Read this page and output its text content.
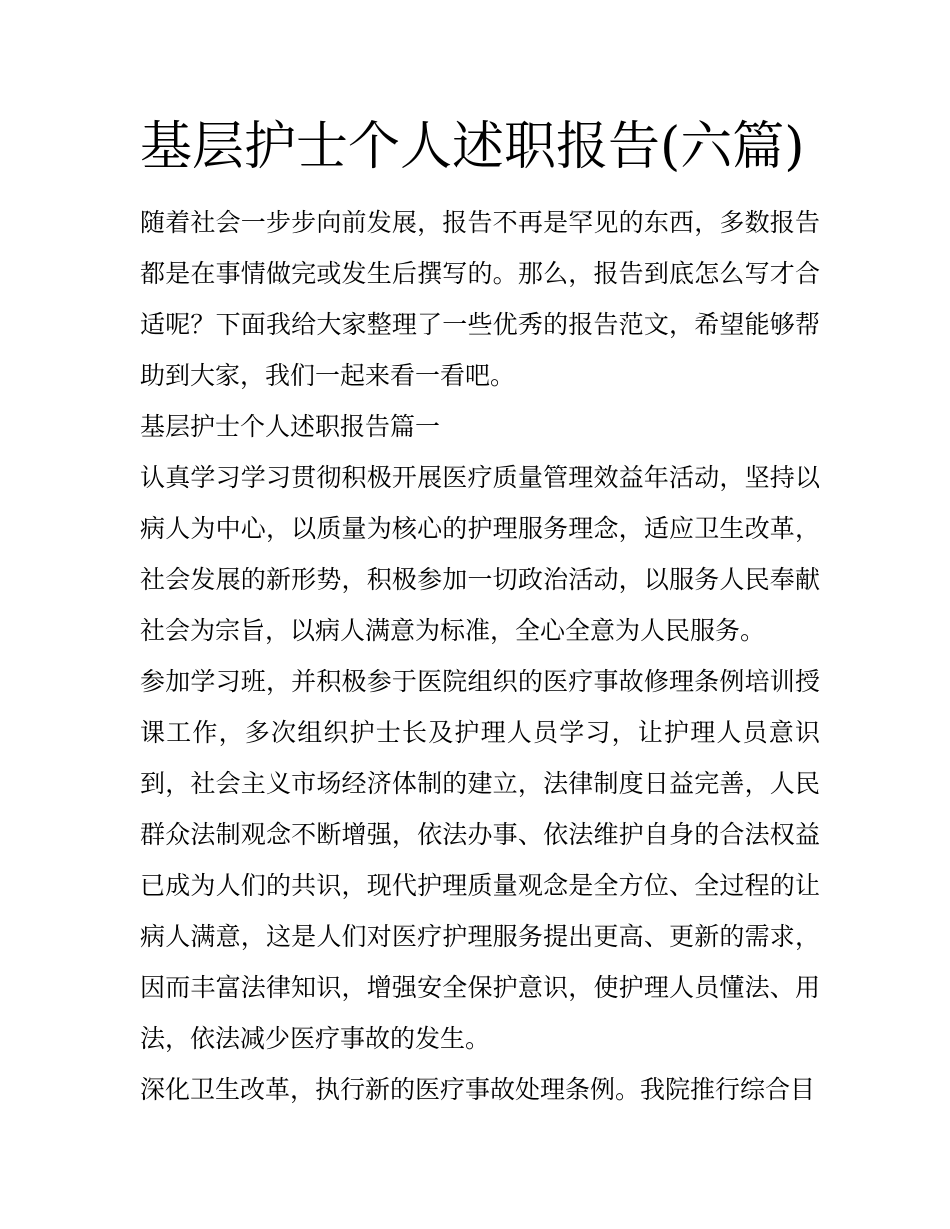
基层护士个人述职报告(六篇)

随着社会一步步向前发展，报告不再是罕见的东西，多数报告都是在事情做完或发生后撰写的。那么，报告到底怎么写才合适呢？下面我给大家整理了一些优秀的报告范文，希望能够帮助到大家，我们一起来看一看吧。

基层护士个人述职报告篇一

认真学习学习贯彻积极开展医疗质量管理效益年活动，坚持以病人为中心，以质量为核心的护理服务理念，适应卫生改革，社会发展的新形势，积极参加一切政治活动，以服务人民奉献社会为宗旨，以病人满意为标准，全心全意为人民服务。

参加学习班，并积极参于医院组织的医疗事故修理条例培训授课工作，多次组织护士长及护理人员学习，让护理人员意识到，社会主义市场经济体制的建立，法律制度日益完善，人民群众法制观念不断增强，依法办事、依法维护自身的合法权益已成为人们的共识，现代护理质量观念是全方位、全过程的让病人满意，这是人们对医疗护理服务提出更高、更新的需求，因而丰富法律知识，增强安全保护意识，使护理人员懂法、用法，依法减少医疗事故的发生。

深化卫生改革，执行新的医疗事故处理条例。我院推行综合目
